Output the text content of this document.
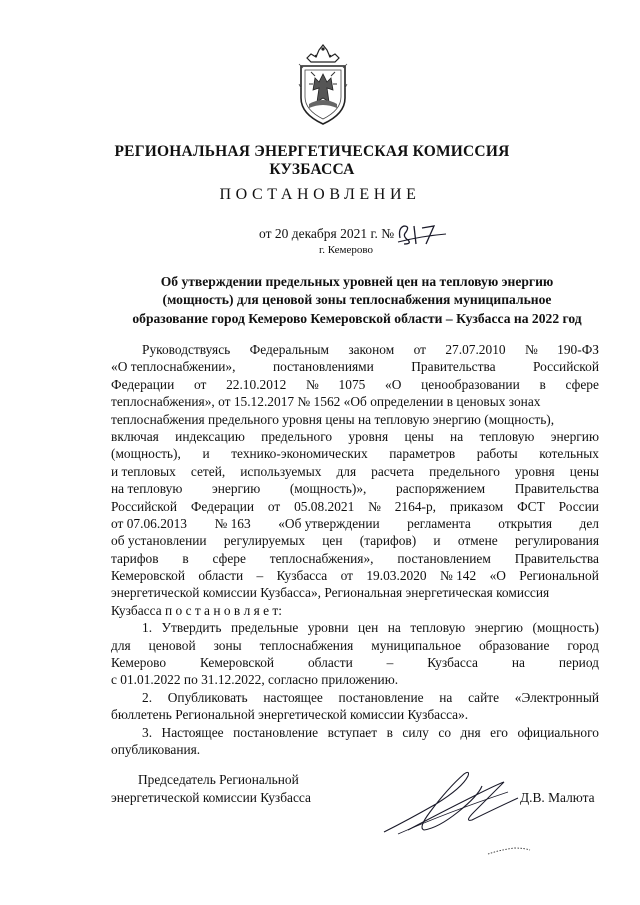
РЕГИОНАЛЬНАЯ ЭНЕРГЕТИЧЕСКАЯ КОМИССИЯ
КУЗБАССА
ПОСТАНОВЛЕНИЕ
от 20 декабря 2021 г. №
г. Кемерово
Об утверждении предельных уровней цен на тепловую энергию
(мощность) для ценовой зоны теплоснабжения муниципальное
образование город Кемерово Кемеровской области – Кузбасса на 2022 год
Руководствуясь Федеральным законом от 27.07.2010 № 190-ФЗ
«О теплоснабжении»,	постановлениями	Правительства	Российской
Федерации от 22.10.2012 № 1075 «О ценообразовании в сфере
теплоснабжения», от 15.12.2017 № 1562 «Об определении в ценовых зонах
теплоснабжения предельного уровня цены на тепловую энергию (мощность),
включая индексацию предельного уровня цены на тепловую энергию
(мощность), и технико-экономических параметров работы котельных
и тепловых сетей, используемых для расчета предельного уровня цены
на тепловую энергию (мощность)», распоряжением Правительства
Российской Федерации от 05.08.2021 № 2164-р, приказом ФСТ России
от 07.06.2013 № 163 «Об утверждении регламента открытия дел
об установлении регулируемых цен (тарифов) и отмене регулирования
тарифов в сфере теплоснабжения», постановлением Правительства
Кемеровской области – Кузбасса от 19.03.2020 № 142 «О Региональной
энергетической комиссии Кузбасса», Региональная энергетическая комиссия
Кузбасса п о с т а н о в л я е т:
1. Утвердить предельные уровни цен на тепловую энергию (мощность)
для ценовой зоны теплоснабжения муниципальное образование город
Кемерово	Кемеровской	области	–	Кузбасса	на	период
с 01.01.2022 по 31.12.2022, согласно приложению.
2. Опубликовать настоящее постановление на сайте «Электронный
бюллетень Региональной энергетической комиссии Кузбасса».
3. Настоящее постановление вступает в силу со дня его официального
опубликования.
Председатель Региональной
энергетической комиссии Кузбасса	Д.В. Малюта
